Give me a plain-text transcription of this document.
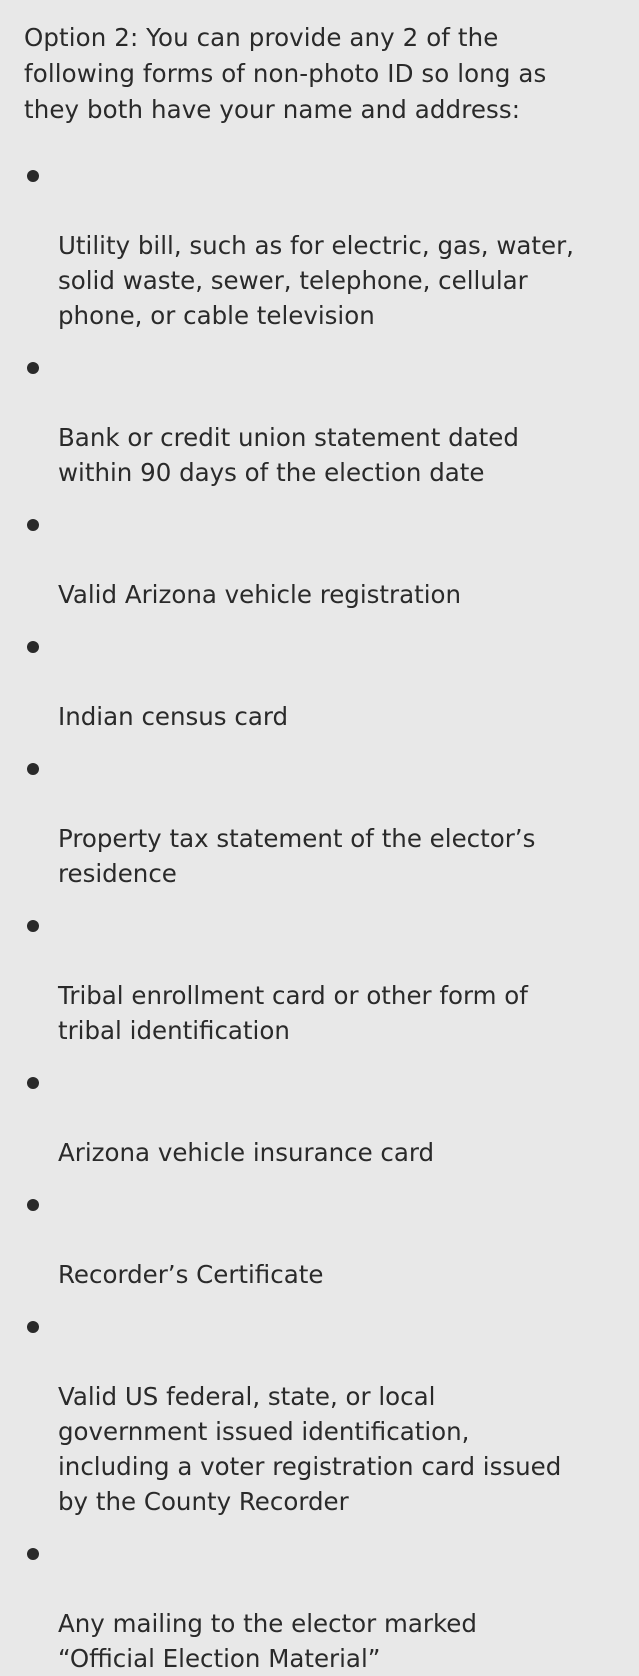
Option 2: You can provide any 2 of the
following forms of non-photo ID so long as
they both have your name and address:

Utility bill, such as for electric, gas, water,
solid waste, sewer, telephone, cellular
phone, or cable television

Bank or credit union statement dated
within 90 days of the election date

Valid Arizona vehicle registration

Indian census card

Property tax statement of the elector’s
residence

Tribal enrollment card or other form of
tribal identification

Arizona vehicle insurance card

Recorder’s Certificate

Valid US federal, state, or local
government issued identification,
including a voter registration card issued
by the County Recorder

Any mailing to the elector marked
“Official Election Material”
